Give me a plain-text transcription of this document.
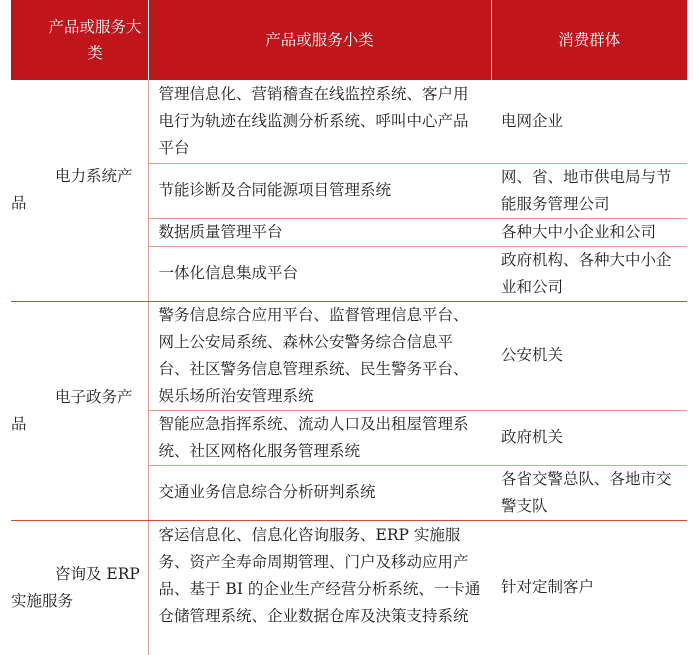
产品或服务大类	产品或服务小类	消费群体
电力系统产品	管理信息化、营销稽查在线监控系统、客户用电行为轨迹在线监测分析系统、呼叫中心产品平台	电网企业
	节能诊断及合同能源项目管理系统	网、省、地市供电局与节能服务管理公司
	数据质量管理平台	各种大中小企业和公司
	一体化信息集成平台	政府机构、各种大中小企业和公司
电子政务产品	警务信息综合应用平台、监督管理信息平台、网上公安局系统、森林公安警务综合信息平台、社区警务信息管理系统、民生警务平台、娱乐场所治安管理系统	公安机关
	智能应急指挥系统、流动人口及出租屋管理系统、社区网格化服务管理系统	政府机关
	交通业务信息综合分析研判系统	各省交警总队、各地市交警支队
咨询及 ERP 实施服务	客运信息化、信息化咨询服务、ERP 实施服务、资产全寿命周期管理、门户及移动应用产品、基于 BI 的企业生产经营分析系统、一卡通仓储管理系统、企业数据仓库及決策支持系统	针对定制客户
